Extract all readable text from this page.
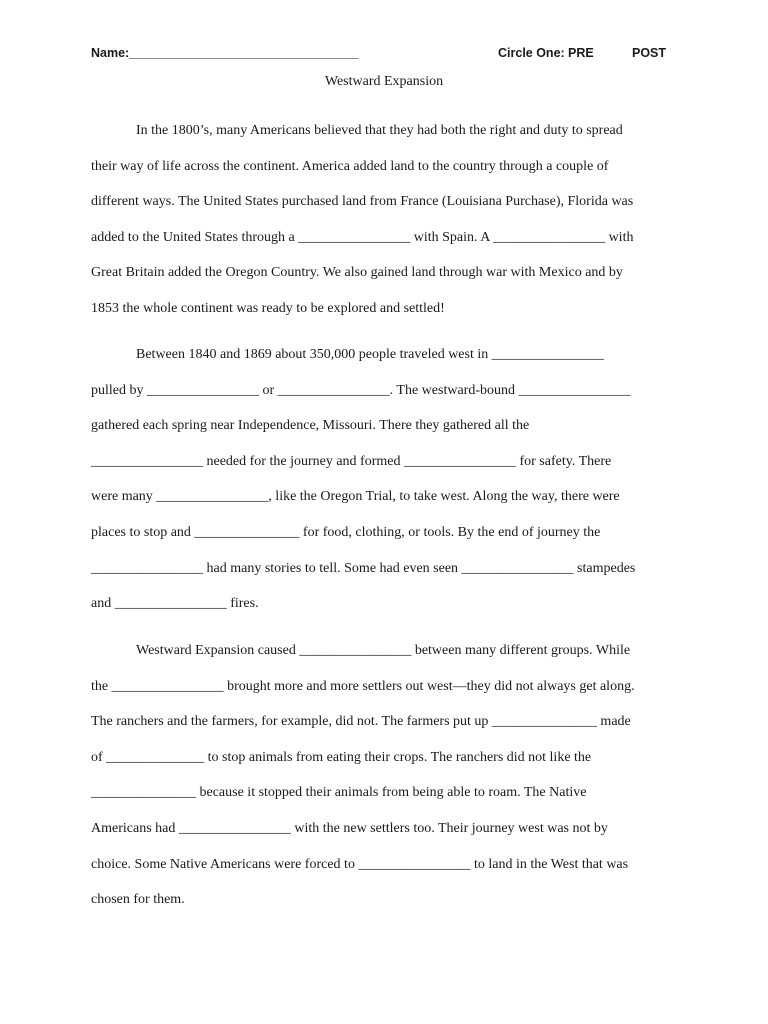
Name:_________________________________	Circle One: PRE	POST
Westward Expansion
In the 1800’s, many Americans believed that they had both the right and duty to spread
their way of life across the continent. America added land to the country through a couple of
different ways. The United States purchased land from France (Louisiana Purchase), Florida was
added to the United States through a ________________ with Spain. A ________________ with
Great Britain added the Oregon Country. We also gained land through war with Mexico and by
1853 the whole continent was ready to be explored and settled!
Between 1840 and 1869 about 350,000 people traveled west in ________________
pulled by ________________ or ________________. The westward-bound ________________
gathered each spring near Independence, Missouri. There they gathered all the
________________ needed for the journey and formed ________________ for safety. There
were many ________________, like the Oregon Trial, to take west. Along the way, there were
places to stop and _______________ for food, clothing, or tools. By the end of journey the
________________ had many stories to tell. Some had even seen ________________ stampedes
and ________________ fires.
Westward Expansion caused ________________ between many different groups. While
the ________________ brought more and more settlers out west—they did not always get along.
The ranchers and the farmers, for example, did not. The farmers put up _______________ made
of ______________ to stop animals from eating their crops. The ranchers did not like the
_______________ because it stopped their animals from being able to roam. The Native
Americans had ________________ with the new settlers too. Their journey west was not by
choice. Some Native Americans were forced to ________________ to land in the West that was
chosen for them.
